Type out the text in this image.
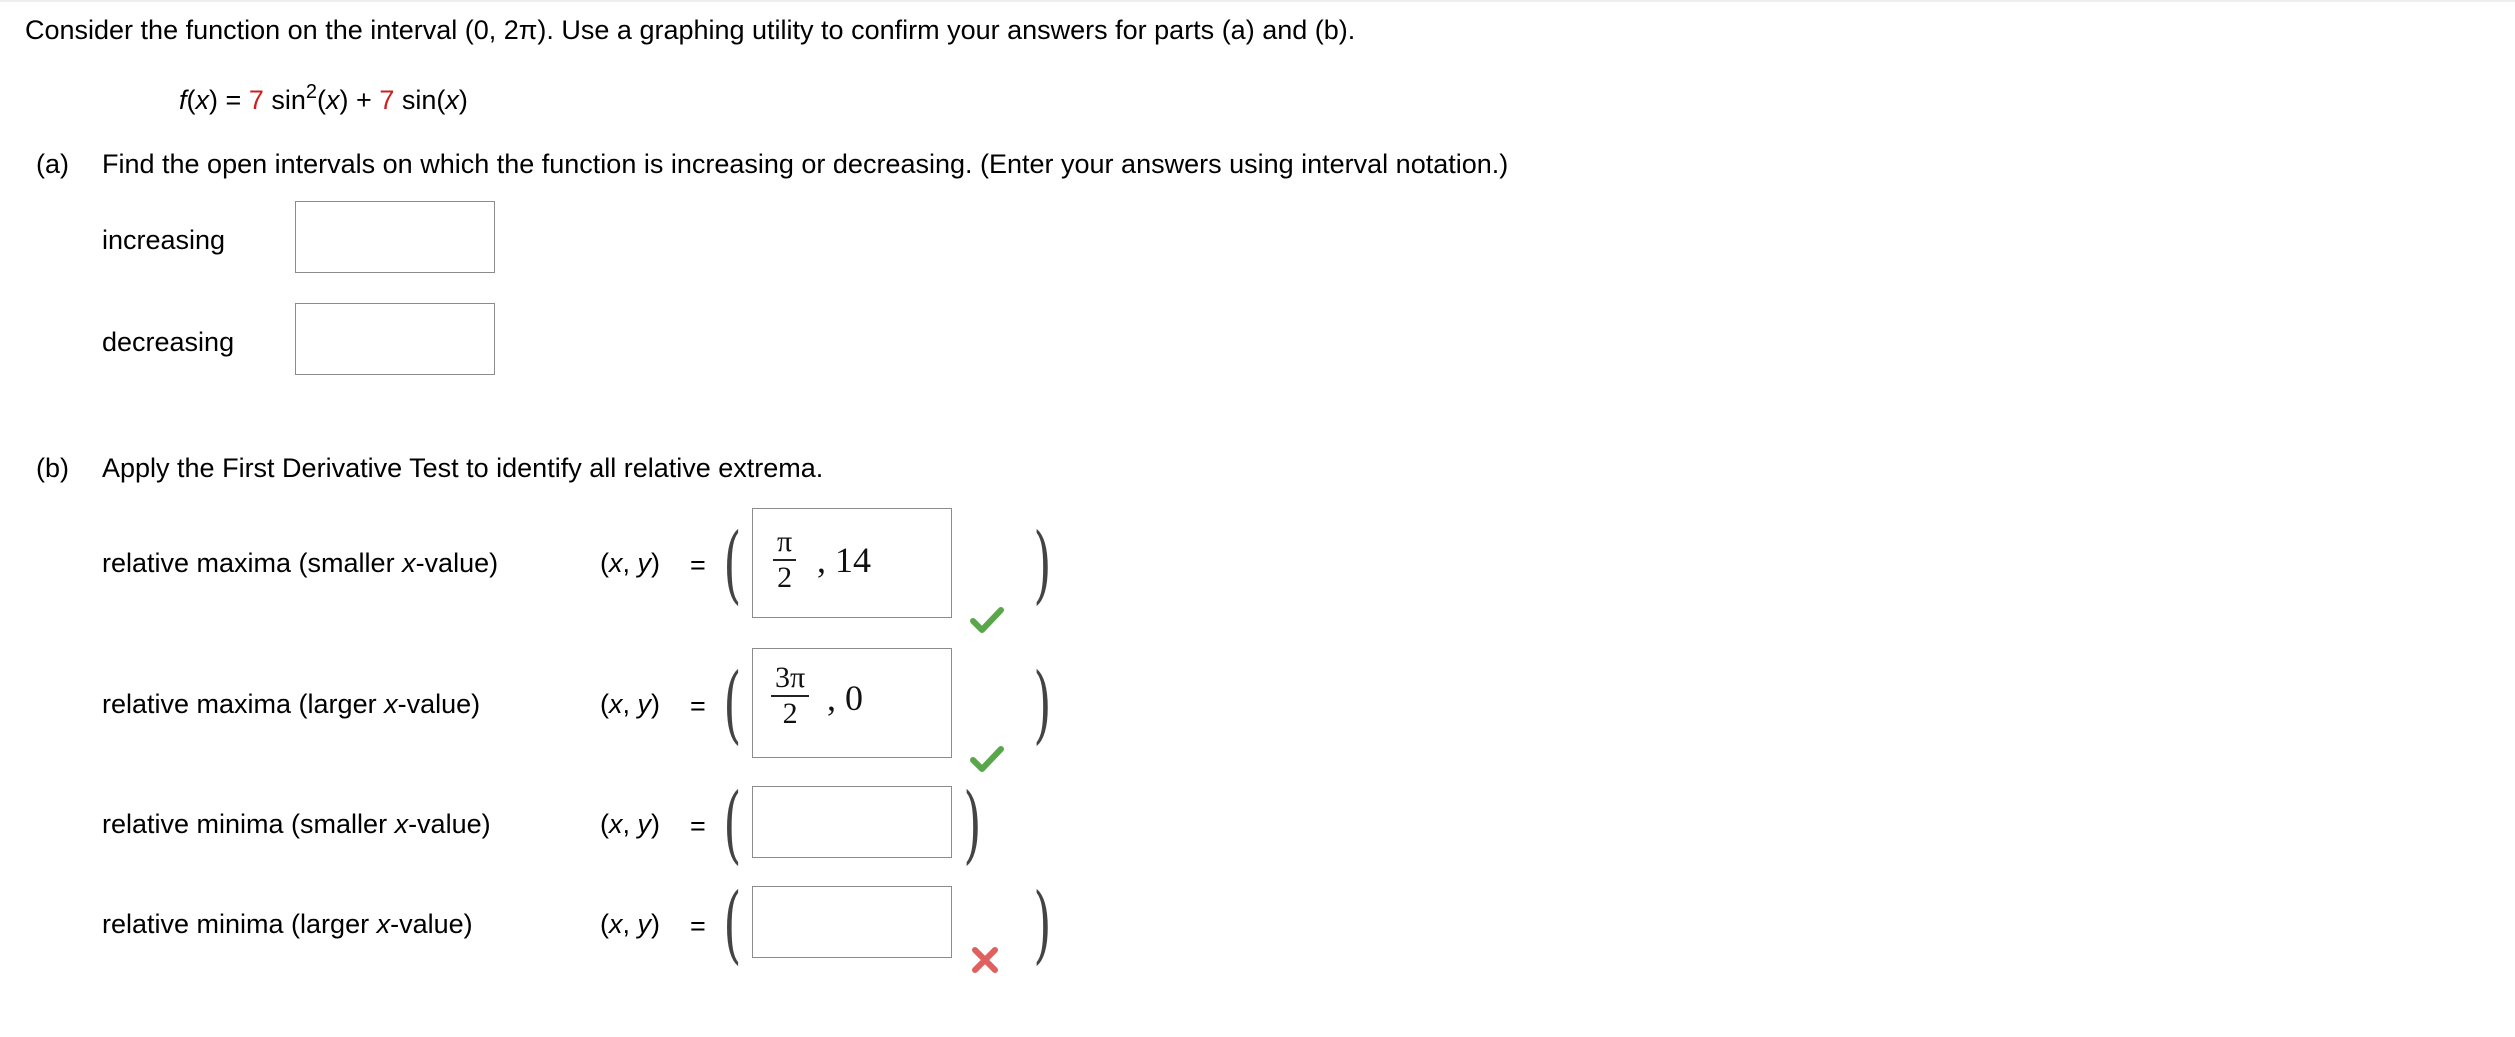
Consider the function on the interval (0, 2π). Use a graphing utility to confirm your answers for parts (a) and (b).
f(x) = 7 $\sin^2(x) + 7$ sin(x)
(a) Find the open intervals on which the function is increasing or decreasing. (Enter your answers using interval notation.)
increasing
decreasing
(b) Apply the First Derivative Test to identify all relative extrema.
relative maxima (smaller x-value)	(x, y) = ( $\frac{\pi}{2}$ , 14 )
relative maxima (larger x-value)	(x, y) = ( $\frac{3\pi}{2}$ , 0 )
relative minima (smaller x-value)	(x, y) = (	)
relative minima (larger x-value)	(x, y) = (	)
